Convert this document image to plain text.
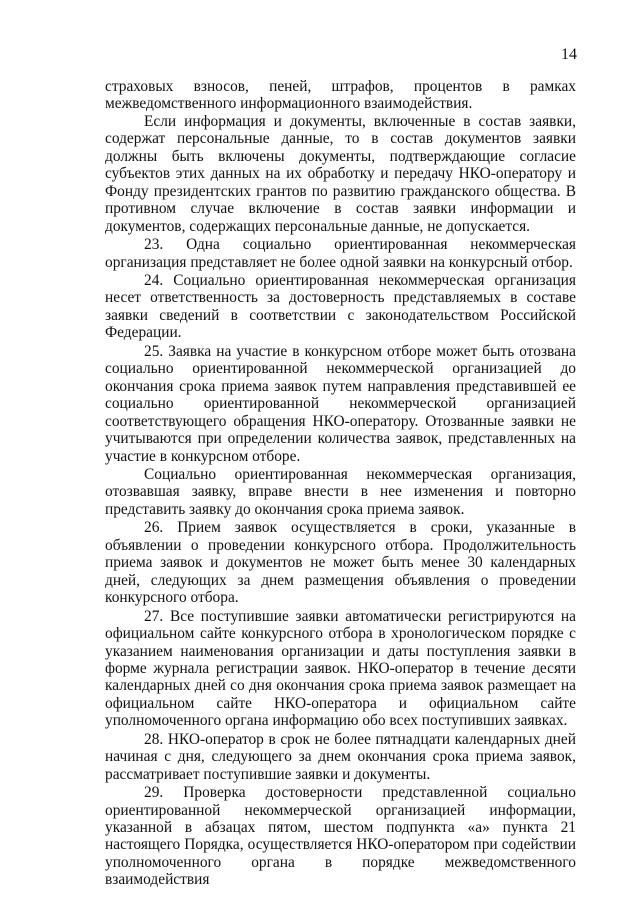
14

страховых взносов, пеней, штрафов, процентов в рамках межведомственного информационного взаимодействия.

Если информация и документы, включенные в состав заявки, содержат персональные данные, то в состав документов заявки должны быть включены документы, подтверждающие согласие субъектов этих данных на их обработку и передачу НКО-оператору и Фонду президентских грантов по развитию гражданского общества. В противном случае включение в состав заявки информации и документов, содержащих персональные данные, не допускается.

23. Одна социально ориентированная некоммерческая организация представляет не более одной заявки на конкурсный отбор.

24. Социально ориентированная некоммерческая организация несет ответственность за достоверность представляемых в составе заявки сведений в соответствии с законодательством Российской Федерации.

25. Заявка на участие в конкурсном отборе может быть отозвана социально ориентированной некоммерческой организацией до окончания срока приема заявок путем направления представившей ее социально ориентированной некоммерческой организацией соответствующего обращения НКО-оператору. Отозванные заявки не учитываются при определении количества заявок, представленных на участие в конкурсном отборе.

Социально ориентированная некоммерческая организация, отозвавшая заявку, вправе внести в нее изменения и повторно представить заявку до окончания срока приема заявок.

26. Прием заявок осуществляется в сроки, указанные в объявлении о проведении конкурсного отбора. Продолжительность приема заявок и документов не может быть менее 30 календарных дней, следующих за днем размещения объявления о проведении конкурсного отбора.

27. Все поступившие заявки автоматически регистрируются на официальном сайте конкурсного отбора в хронологическом порядке с указанием наименования организации и даты поступления заявки в форме журнала регистрации заявок. НКО-оператор в течение десяти календарных дней со дня окончания срока приема заявок размещает на официальном сайте НКО-оператора и официальном сайте уполномоченного органа информацию обо всех поступивших заявках.

28. НКО-оператор в срок не более пятнадцати календарных дней начиная с дня, следующего за днем окончания срока приема заявок, рассматривает поступившие заявки и документы.

29. Проверка достоверности представленной социально ориентированной некоммерческой организацией информации, указанной в абзацах пятом, шестом подпункта «а» пункта 21 настоящего Порядка, осуществляется НКО-оператором при содействии уполномоченного органа в порядке межведомственного взаимодействия
